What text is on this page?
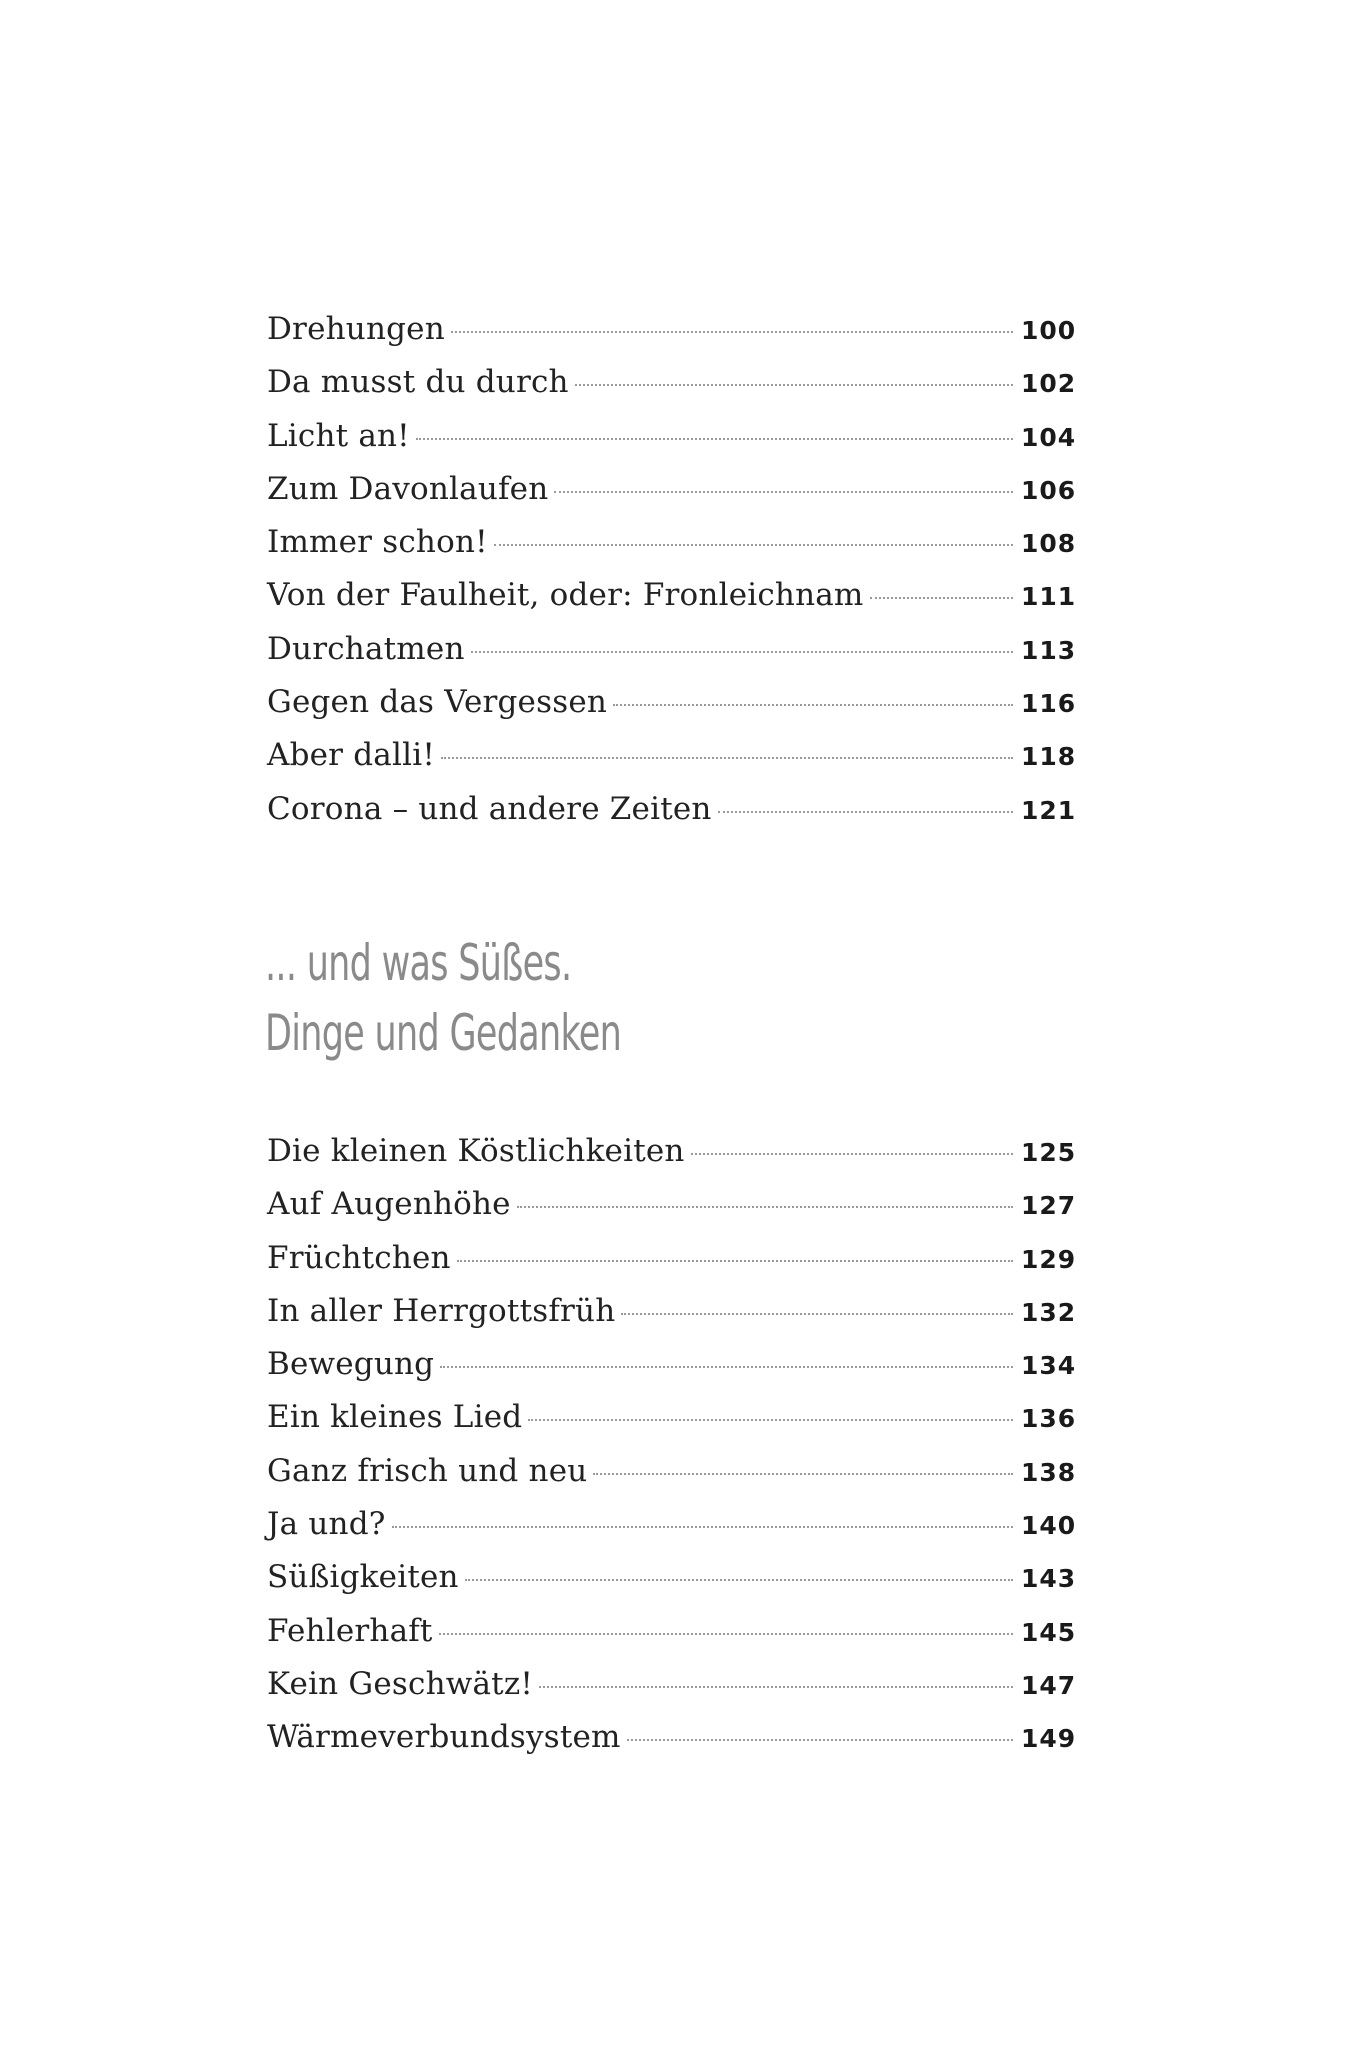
Drehungen	100
Da musst du durch	102
Licht an!	104
Zum Davonlaufen	106
Immer schon!	108
Von der Faulheit, oder: Fronleichnam	111
Durchatmen	113
Gegen das Vergessen	116
Aber dalli!	118
Corona – und andere Zeiten	121
... und was Süßes.
Dinge und Gedanken
Die kleinen Köstlichkeiten	125
Auf Augenhöhe	127
Früchtchen	129
In aller Herrgottsfrüh	132
Bewegung	134
Ein kleines Lied	136
Ganz frisch und neu	138
Ja und?	140
Süßigkeiten	143
Fehlerhaft	145
Kein Geschwätz!	147
Wärmeverbundsystem	149
